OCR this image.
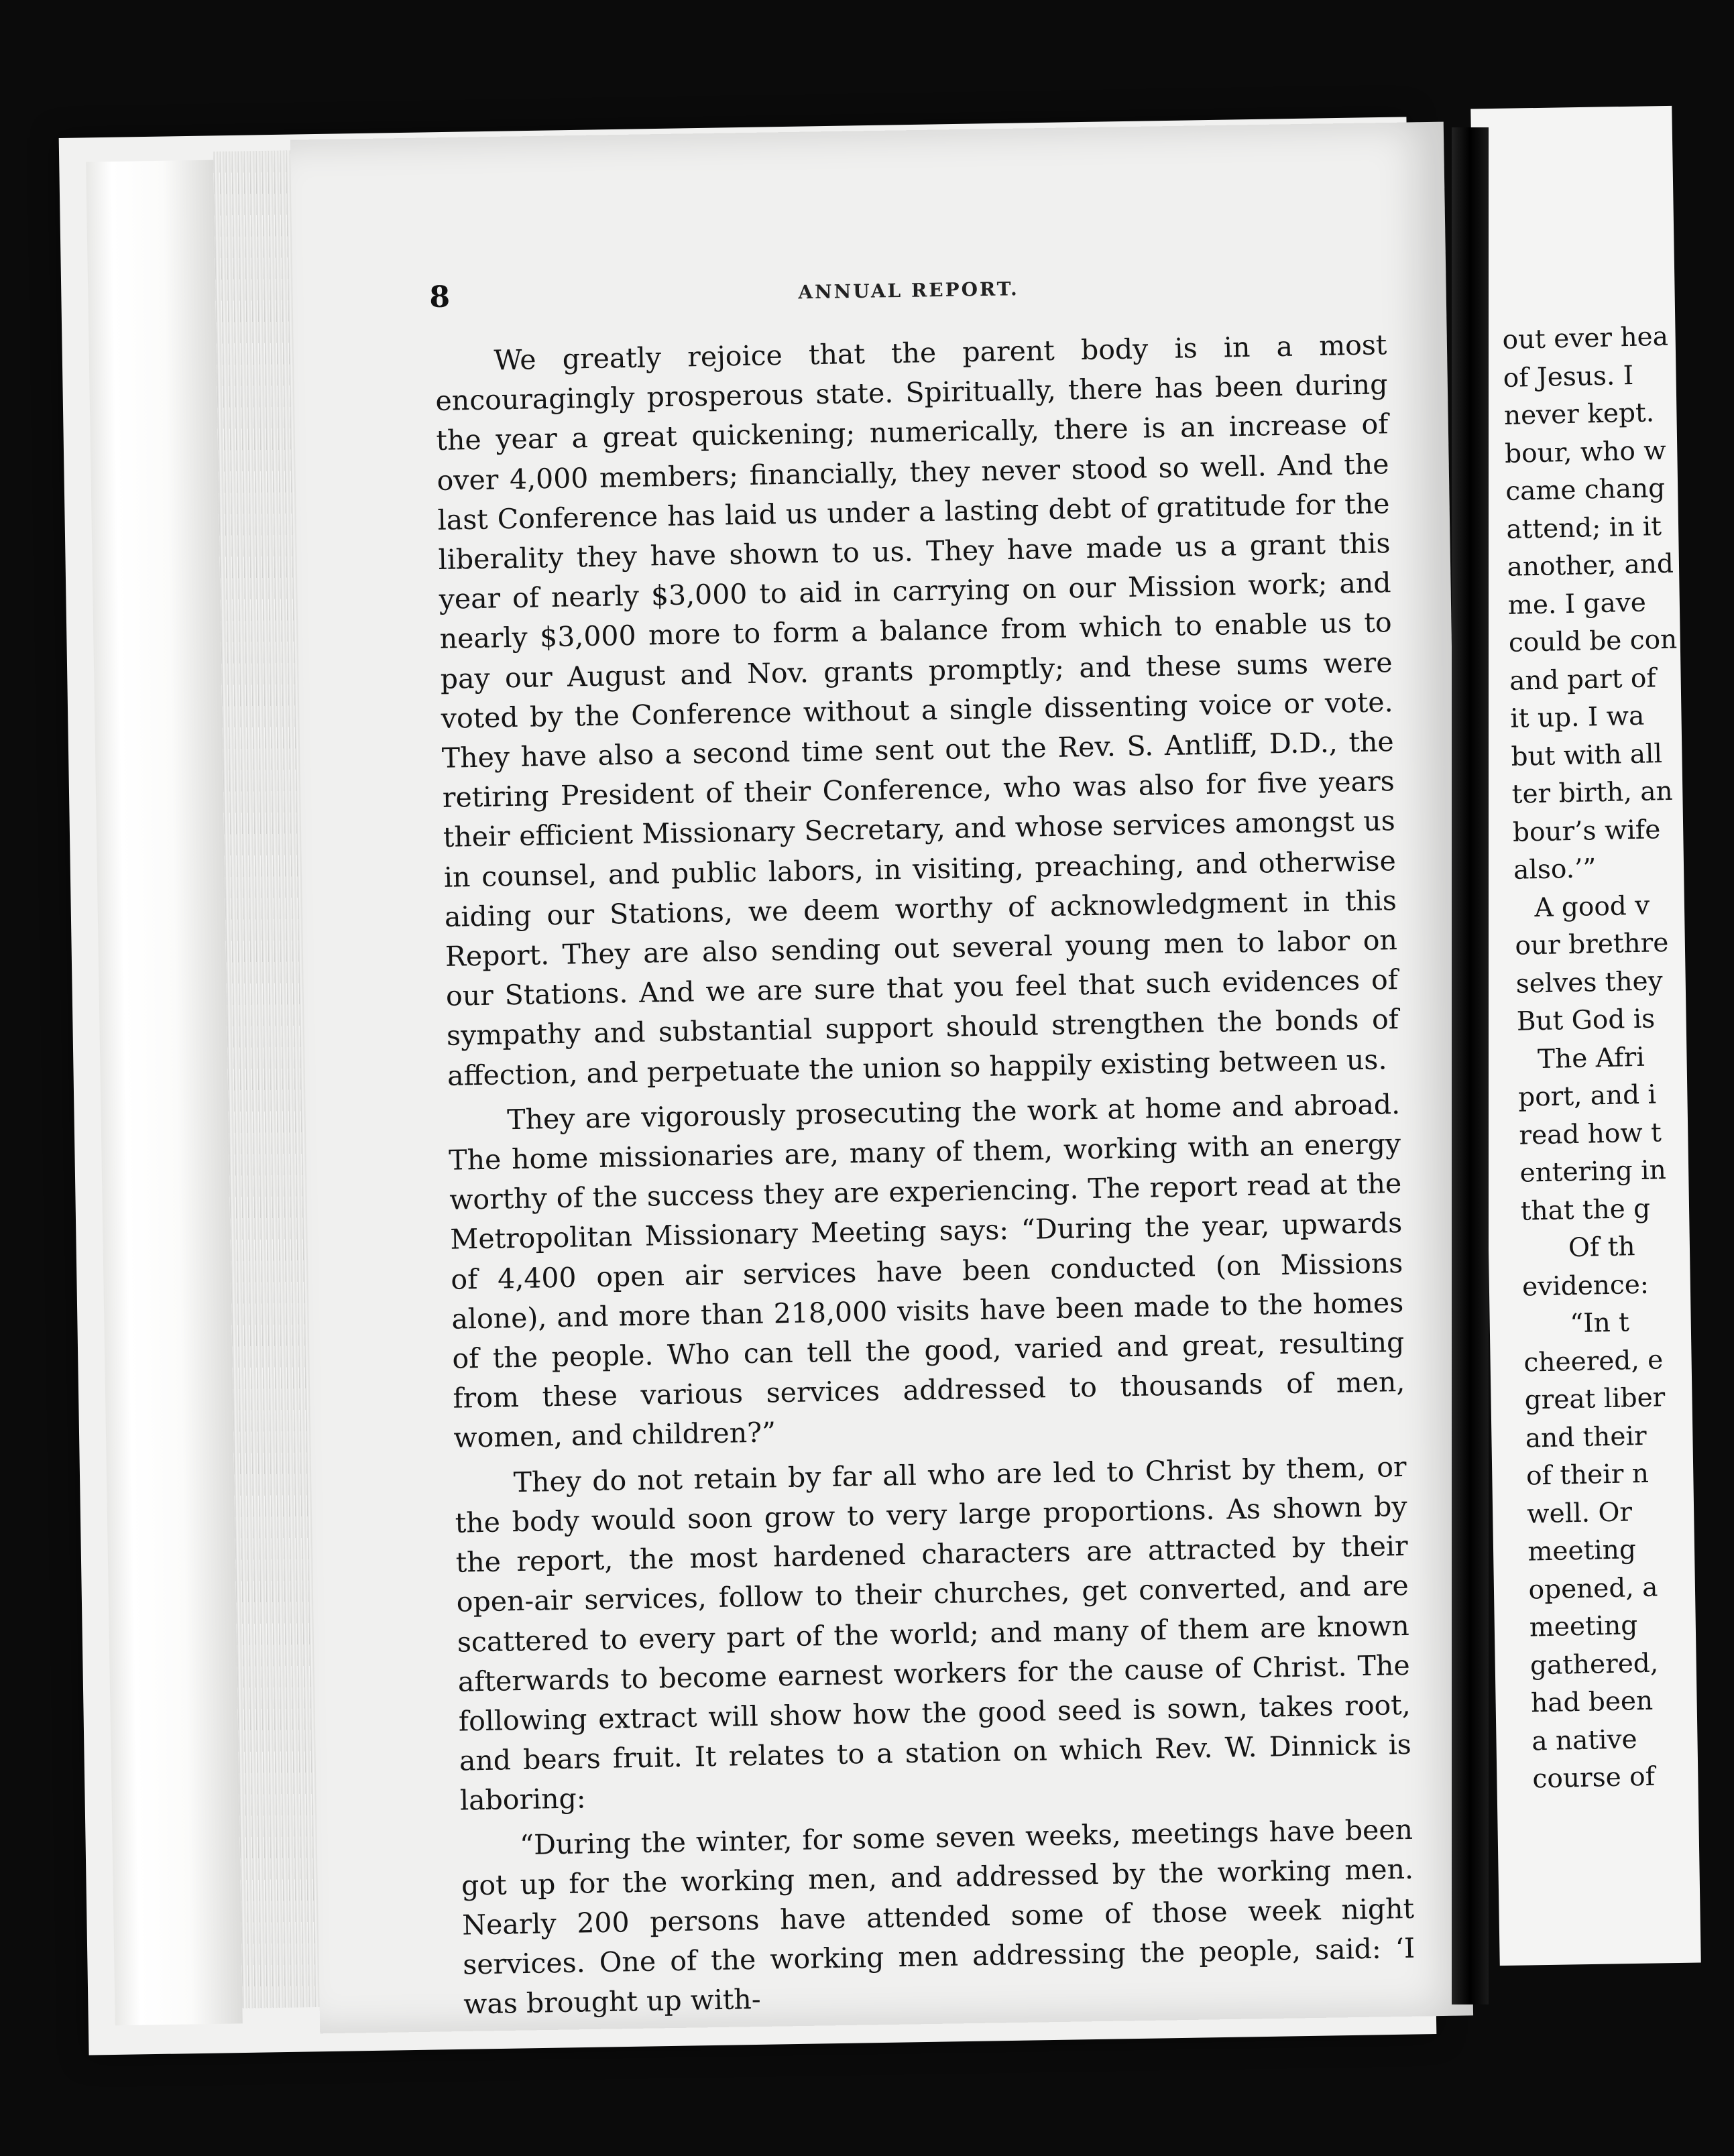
8	ANNUAL REPORT.

We greatly rejoice that the parent body is in a most encouragingly prosperous state. Spiritually, there has been during the year a great quickening; numerically, there is an increase of over 4,000 members; financially, they never stood so well. And the last Conference has laid us under a lasting debt of gratitude for the liberality they have shown to us. They have made us a grant this year of nearly $3,000 to aid in carrying on our Mission work; and nearly $3,000 more to form a balance from which to enable us to pay our August and Nov. grants promptly; and these sums were voted by the Conference without a single dissenting voice or vote. They have also a second time sent out the Rev. S. Antliff, D.D., the retiring President of their Conference, who was also for five years their efficient Missionary Secretary, and whose services amongst us in counsel, and public labors, in visiting, preaching, and otherwise aiding our Stations, we deem worthy of acknowledgment in this Report. They are also sending out several young men to labor on our Stations. And we are sure that you feel that such evidences of sympathy and substantial support should strengthen the bonds of affection, and perpetuate the union so happily existing between us.

They are vigorously prosecuting the work at home and abroad. The home missionaries are, many of them, working with an energy worthy of the success they are experiencing. The report read at the Metropolitan Missionary Meeting says: “During the year, upwards of 4,400 open air services have been conducted (on Missions alone), and more than 218,000 visits have been made to the homes of the people. Who can tell the good, varied and great, resulting from these various services addressed to thousands of men, women, and children?”

They do not retain by far all who are led to Christ by them, or the body would soon grow to very large proportions. As shown by the report, the most hardened characters are attracted by their open-air services, follow to their churches, get converted, and are scattered to every part of the world; and many of them are known afterwards to become earnest workers for the cause of Christ. The following extract will show how the good seed is sown, takes root, and bears fruit. It relates to a station on which Rev. W. Dinnick is laboring:

“During the winter, for some seven weeks, meetings have been got up for the working men, and addressed by the working men. Nearly 200 persons have attended some of those week night services. One of the working men addressing the people, said: ‘I was brought up with-

out ever hea
of Jesus. I
never kept.
bour, who w
came chang
attend; in it
another, and
me. I gave
could be con
and part of
it up. I wa
but with all
ter birth, an
bour’s wife
also.’”
A good v
our brethre
selves they
But God is
The Afri
port, and i
read how t
entering in
that the g
Of th
evidence:
“In t
cheered, e
great liber
and their
of their n
well. Or
meeting
opened, a
meeting
gathered,
had been
a native
course of
